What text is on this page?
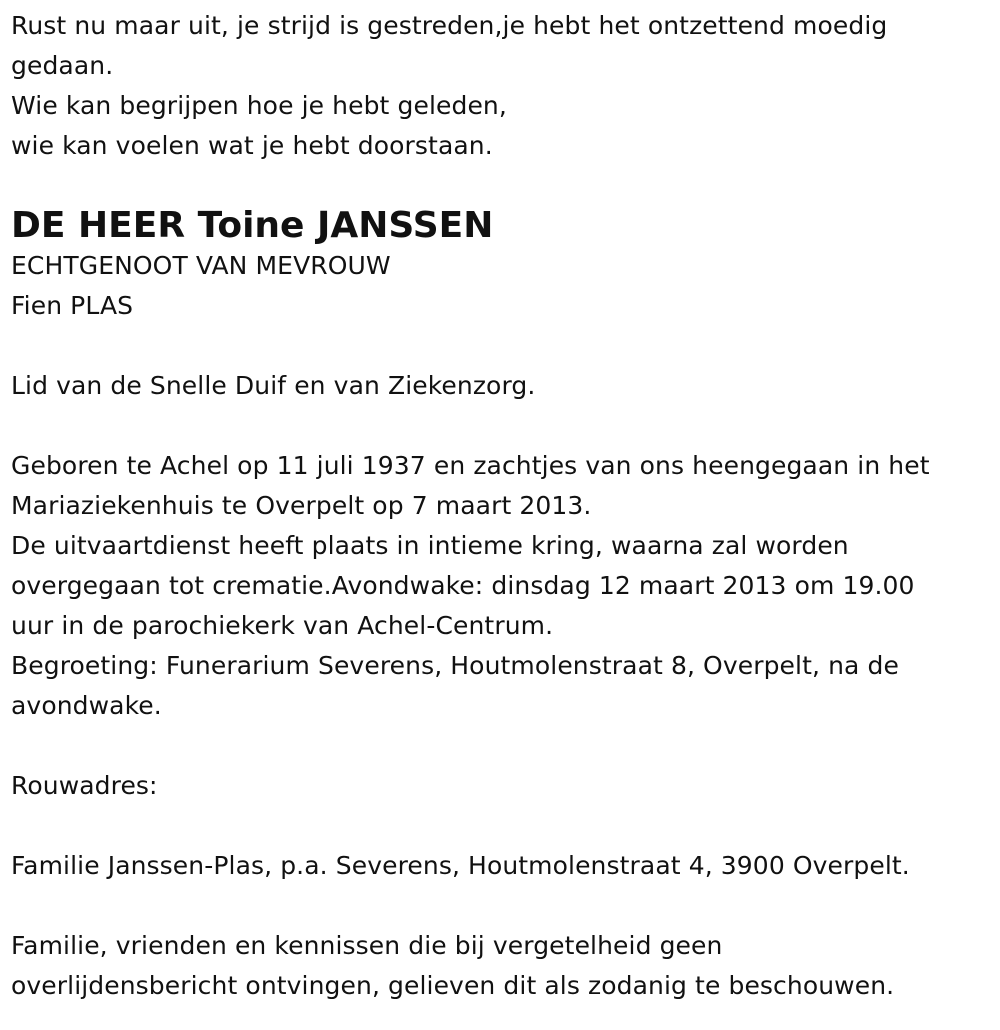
Rust nu maar uit, je strijd is gestreden,je hebt het ontzettend moedig
gedaan.
Wie kan begrijpen hoe je hebt geleden,
wie kan voelen wat je hebt doorstaan.
DE HEER Toine JANSSEN
ECHTGENOOT VAN MEVROUW
Fien PLAS
Lid van de Snelle Duif en van Ziekenzorg.
Geboren te Achel op 11 juli 1937 en zachtjes van ons heengegaan in het
Mariaziekenhuis te Overpelt op 7 maart 2013.
De uitvaartdienst heeft plaats in intieme kring, waarna zal worden
overgegaan tot crematie.Avondwake: dinsdag 12 maart 2013 om 19.00
uur in de parochiekerk van Achel-Centrum.
Begroeting: Funerarium Severens, Houtmolenstraat 8, Overpelt, na de
avondwake.
Rouwadres:
Familie Janssen-Plas, p.a. Severens, Houtmolenstraat 4, 3900 Overpelt.
Familie, vrienden en kennissen die bij vergetelheid geen
overlijdensbericht ontvingen, gelieven dit als zodanig te beschouwen.
